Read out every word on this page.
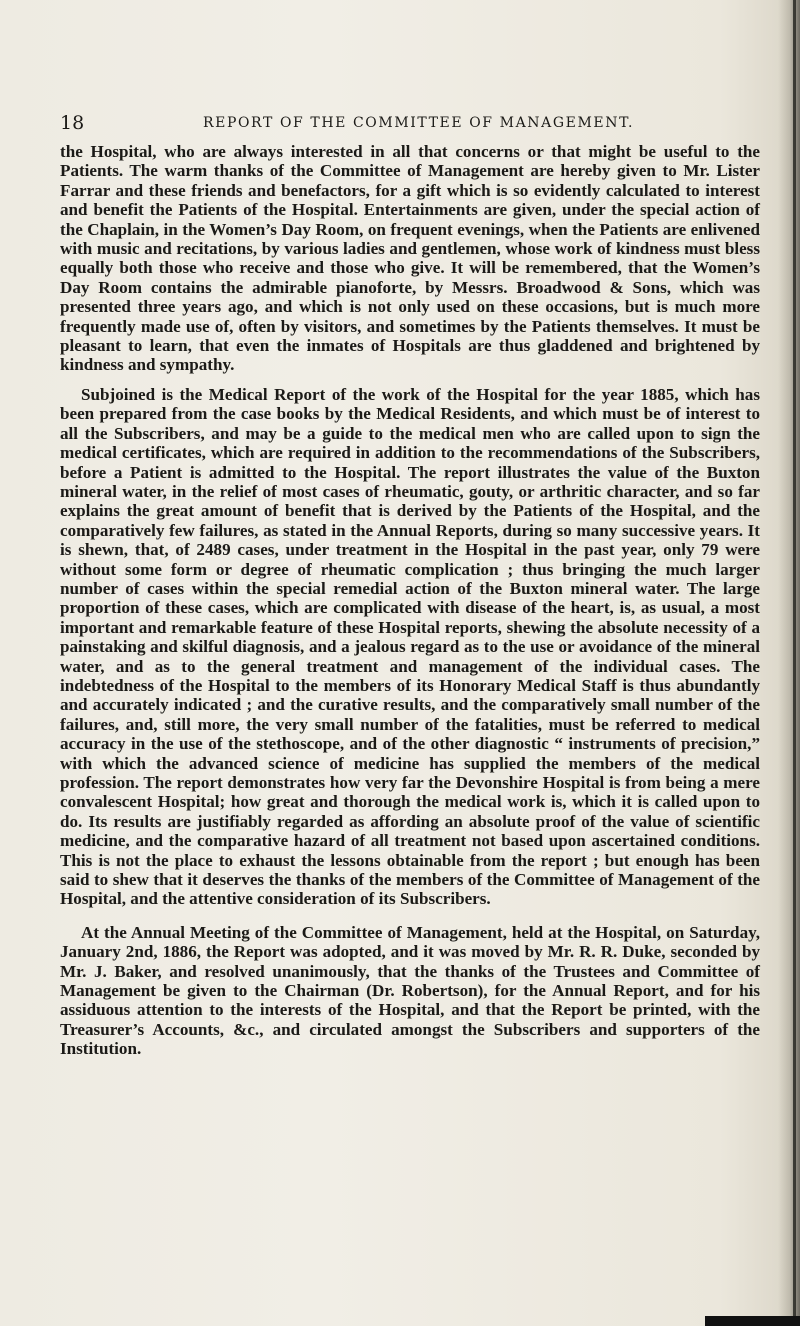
18	REPORT OF THE COMMITTEE OF MANAGEMENT.

the Hospital, who are always interested in all that concerns or that might be useful to the Patients. The warm thanks of the Committee of Management are hereby given to Mr. Lister Farrar and these friends and benefactors, for a gift which is so evidently calculated to interest and benefit the Patients of the Hospital. Entertainments are given, under the special action of the Chaplain, in the Women’s Day Room, on frequent evenings, when the Patients are enlivened with music and recitations, by various ladies and gentlemen, whose work of kindness must bless equally both those who receive and those who give. It will be remembered, that the Women’s Day Room contains the admirable pianoforte, by Messrs. Broadwood & Sons, which was presented three years ago, and which is not only used on these occasions, but is much more frequently made use of, often by visitors, and sometimes by the Patients themselves. It must be pleasant to learn, that even the inmates of Hospitals are thus gladdened and brightened by kindness and sympathy.

Subjoined is the Medical Report of the work of the Hospital for the year 1885, which has been prepared from the case books by the Medical Residents, and which must be of interest to all the Subscribers, and may be a guide to the medical men who are called upon to sign the medical certificates, which are required in addition to the recommendations of the Subscribers, before a Patient is admitted to the Hospital. The report illustrates the value of the Buxton mineral water, in the relief of most cases of rheumatic, gouty, or arthritic character, and so far explains the great amount of benefit that is derived by the Patients of the Hospital, and the comparatively few failures, as stated in the Annual Reports, during so many successive years. It is shewn, that, of 2489 cases, under treatment in the Hospital in the past year, only 79 were without some form or degree of rheumatic complication ; thus bringing the much larger number of cases within the special remedial action of the Buxton mineral water. The large proportion of these cases, which are complicated with disease of the heart, is, as usual, a most important and remarkable feature of these Hospital reports, shewing the absolute necessity of a painstaking and skilful diagnosis, and a jealous regard as to the use or avoidance of the mineral water, and as to the general treatment and management of the individual cases. The indebtedness of the Hospital to the members of its Honorary Medical Staff is thus abundantly and accurately indicated ; and the curative results, and the comparatively small number of the failures, and, still more, the very small number of the fatalities, must be referred to medical accuracy in the use of the stethoscope, and of the other diagnostic “ instruments of precision,” with which the advanced science of medicine has supplied the members of the medical profession. The report demonstrates how very far the Devonshire Hospital is from being a mere convalescent Hospital; how great and thorough the medical work is, which it is called upon to do. Its results are justifiably regarded as affording an absolute proof of the value of scientific medicine, and the comparative hazard of all treatment not based upon ascertained conditions. This is not the place to exhaust the lessons obtainable from the report ; but enough has been said to shew that it deserves the thanks of the members of the Committee of Management of the Hospital, and the attentive consideration of its Subscribers.

At the Annual Meeting of the Committee of Management, held at the Hospital, on Saturday, January 2nd, 1886, the Report was adopted, and it was moved by Mr. R. R. Duke, seconded by Mr. J. Baker, and resolved unanimously, that the thanks of the Trustees and Committee of Management be given to the Chairman (Dr. Robertson), for the Annual Report, and for his assiduous attention to the interests of the Hospital, and that the Report be printed, with the Treasurer’s Accounts, &c., and circulated amongst the Subscribers and supporters of the Institution.
